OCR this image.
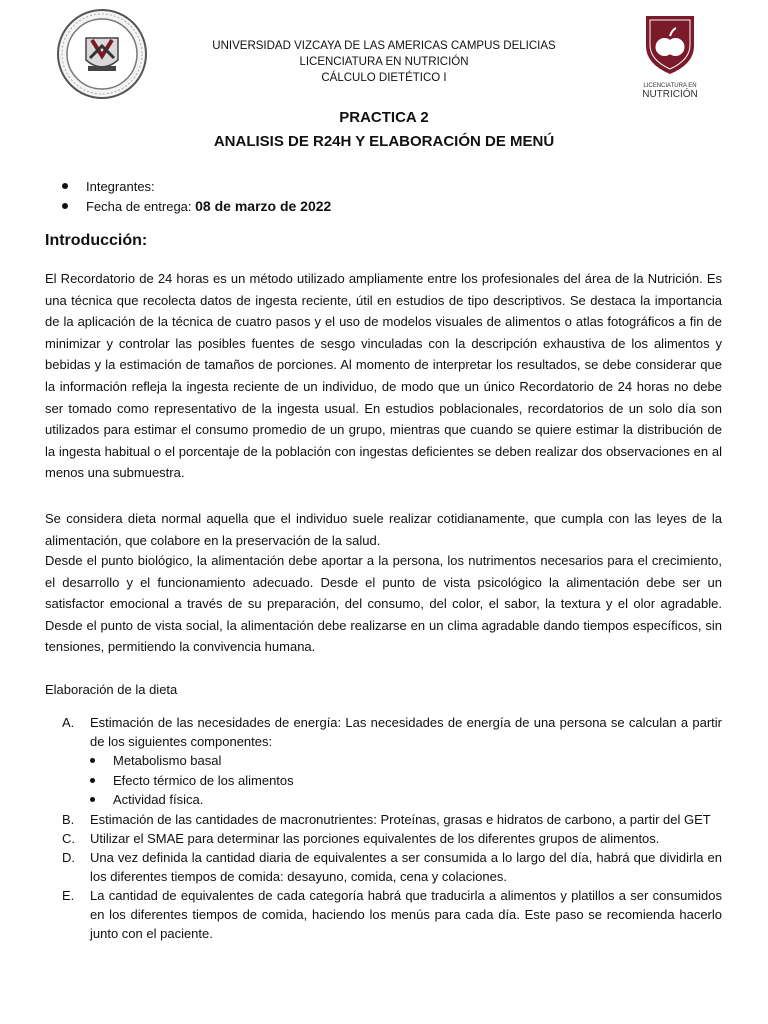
UNIVERSIDAD VIZCAYA DE LAS AMERICAS CAMPUS DELICIAS
LICENCIATURA EN NUTRICIÓN
CÁLCULO DIETÉTICO I
LICENCIATURA EN
NUTRICIÓN
PRACTICA 2
ANALISIS DE R24H Y ELABORACIÓN DE MENÚ
Integrantes:
Fecha de entrega: 08 de marzo de 2022
Introducción:
El Recordatorio de 24 horas es un método utilizado ampliamente entre los profesionales del área de la Nutrición. Es una técnica que recolecta datos de ingesta reciente, útil en estudios de tipo descriptivos. Se destaca la importancia de la aplicación de la técnica de cuatro pasos y el uso de modelos visuales de alimentos o atlas fotográficos a fin de minimizar y controlar las posibles fuentes de sesgo vinculadas con la descripción exhaustiva de los alimentos y bebidas y la estimación de tamaños de porciones. Al momento de interpretar los resultados, se debe considerar que la información refleja la ingesta reciente de un individuo, de modo que un único Recordatorio de 24 horas no debe ser tomado como representativo de la ingesta usual. En estudios poblacionales, recordatorios de un solo día son utilizados para estimar el consumo promedio de un grupo, mientras que cuando se quiere estimar la distribución de la ingesta habitual o el porcentaje de la población con ingestas deficientes se deben realizar dos observaciones en al menos una submuestra.
Se considera dieta normal aquella que el individuo suele realizar cotidianamente, que cumpla con las leyes de la alimentación, que colabore en la preservación de la salud.
Desde el punto biológico, la alimentación debe aportar a la persona, los nutrimentos necesarios para el crecimiento, el desarrollo y el funcionamiento adecuado. Desde el punto de vista psicológico la alimentación debe ser un satisfactor emocional a través de su preparación, del consumo, del color, el sabor, la textura y el olor agradable. Desde el punto de vista social, la alimentación debe realizarse en un clima agradable dando tiempos específicos, sin tensiones, permitiendo la convivencia humana.
Elaboración de la dieta
A.	Estimación de las necesidades de energía: Las necesidades de energía de una persona se calculan a partir de los siguientes componentes:
Metabolismo basal
Efecto térmico de los alimentos
Actividad física.
B.	Estimación de las cantidades de macronutrientes: Proteínas, grasas e hidratos de carbono, a partir del GET
C.	Utilizar el SMAE para determinar las porciones equivalentes de los diferentes grupos de alimentos.
D.	Una vez definida la cantidad diaria de equivalentes a ser consumida a lo largo del día, habrá que dividirla en los diferentes tiempos de comida: desayuno, comida, cena y colaciones.
E.	La cantidad de equivalentes de cada categoría habrá que traducirla a alimentos y platillos a ser consumidos en los diferentes tiempos de comida, haciendo los menús para cada día. Este paso se recomienda hacerlo junto con el paciente.
